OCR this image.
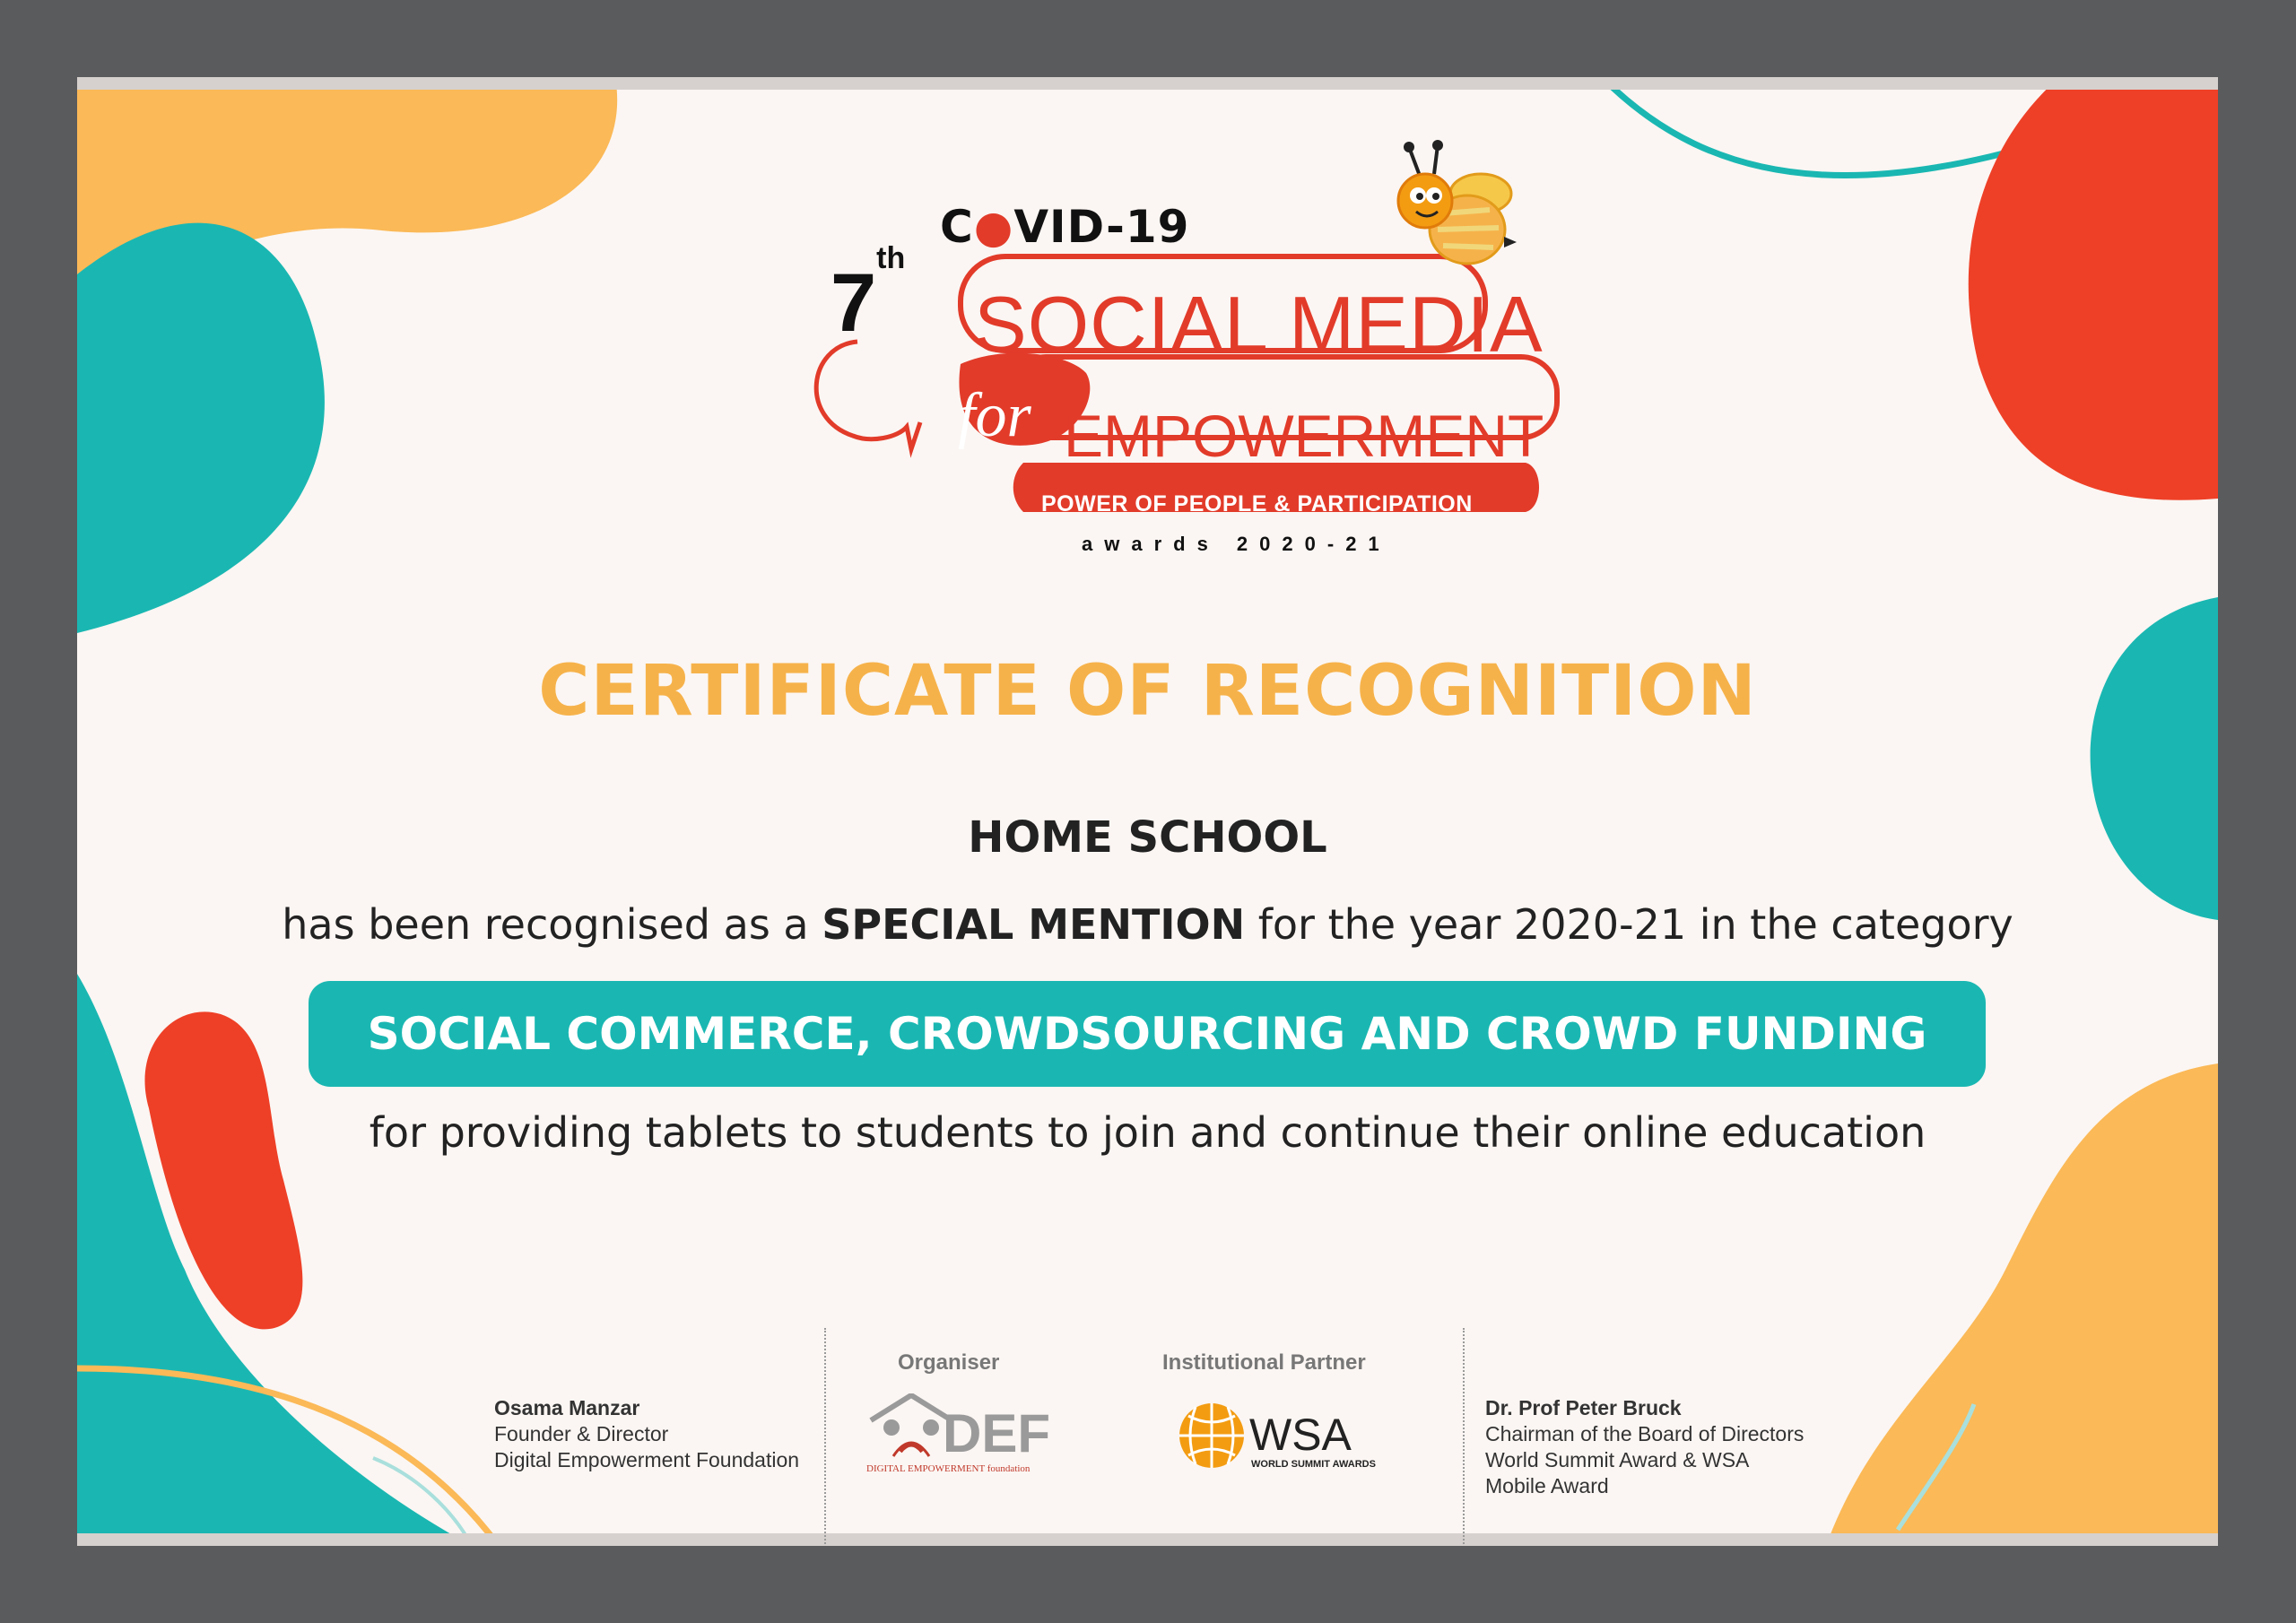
C●VID-19
7th
SOCIAL MEDIA
for EMPOWERMENT
POWER OF PEOPLE & PARTICIPATION
awards 2020-21
CERTIFICATE OF RECOGNITION
HOME SCHOOL
has been recognised as a SPECIAL MENTION for the year 2020-21 in the category
SOCIAL COMMERCE, CROWDSOURCING AND CROWD FUNDING
for providing tablets to students to join and continue their online education
Osama Manzar
Founder & Director
Digital Empowerment Foundation
Organiser
DEF
DIGITAL EMPOWERMENT foundation
Institutional Partner
WSA
WORLD SUMMIT AWARDS
Dr. Prof Peter Bruck
Chairman of the Board of Directors
World Summit Award & WSA
Mobile Award
